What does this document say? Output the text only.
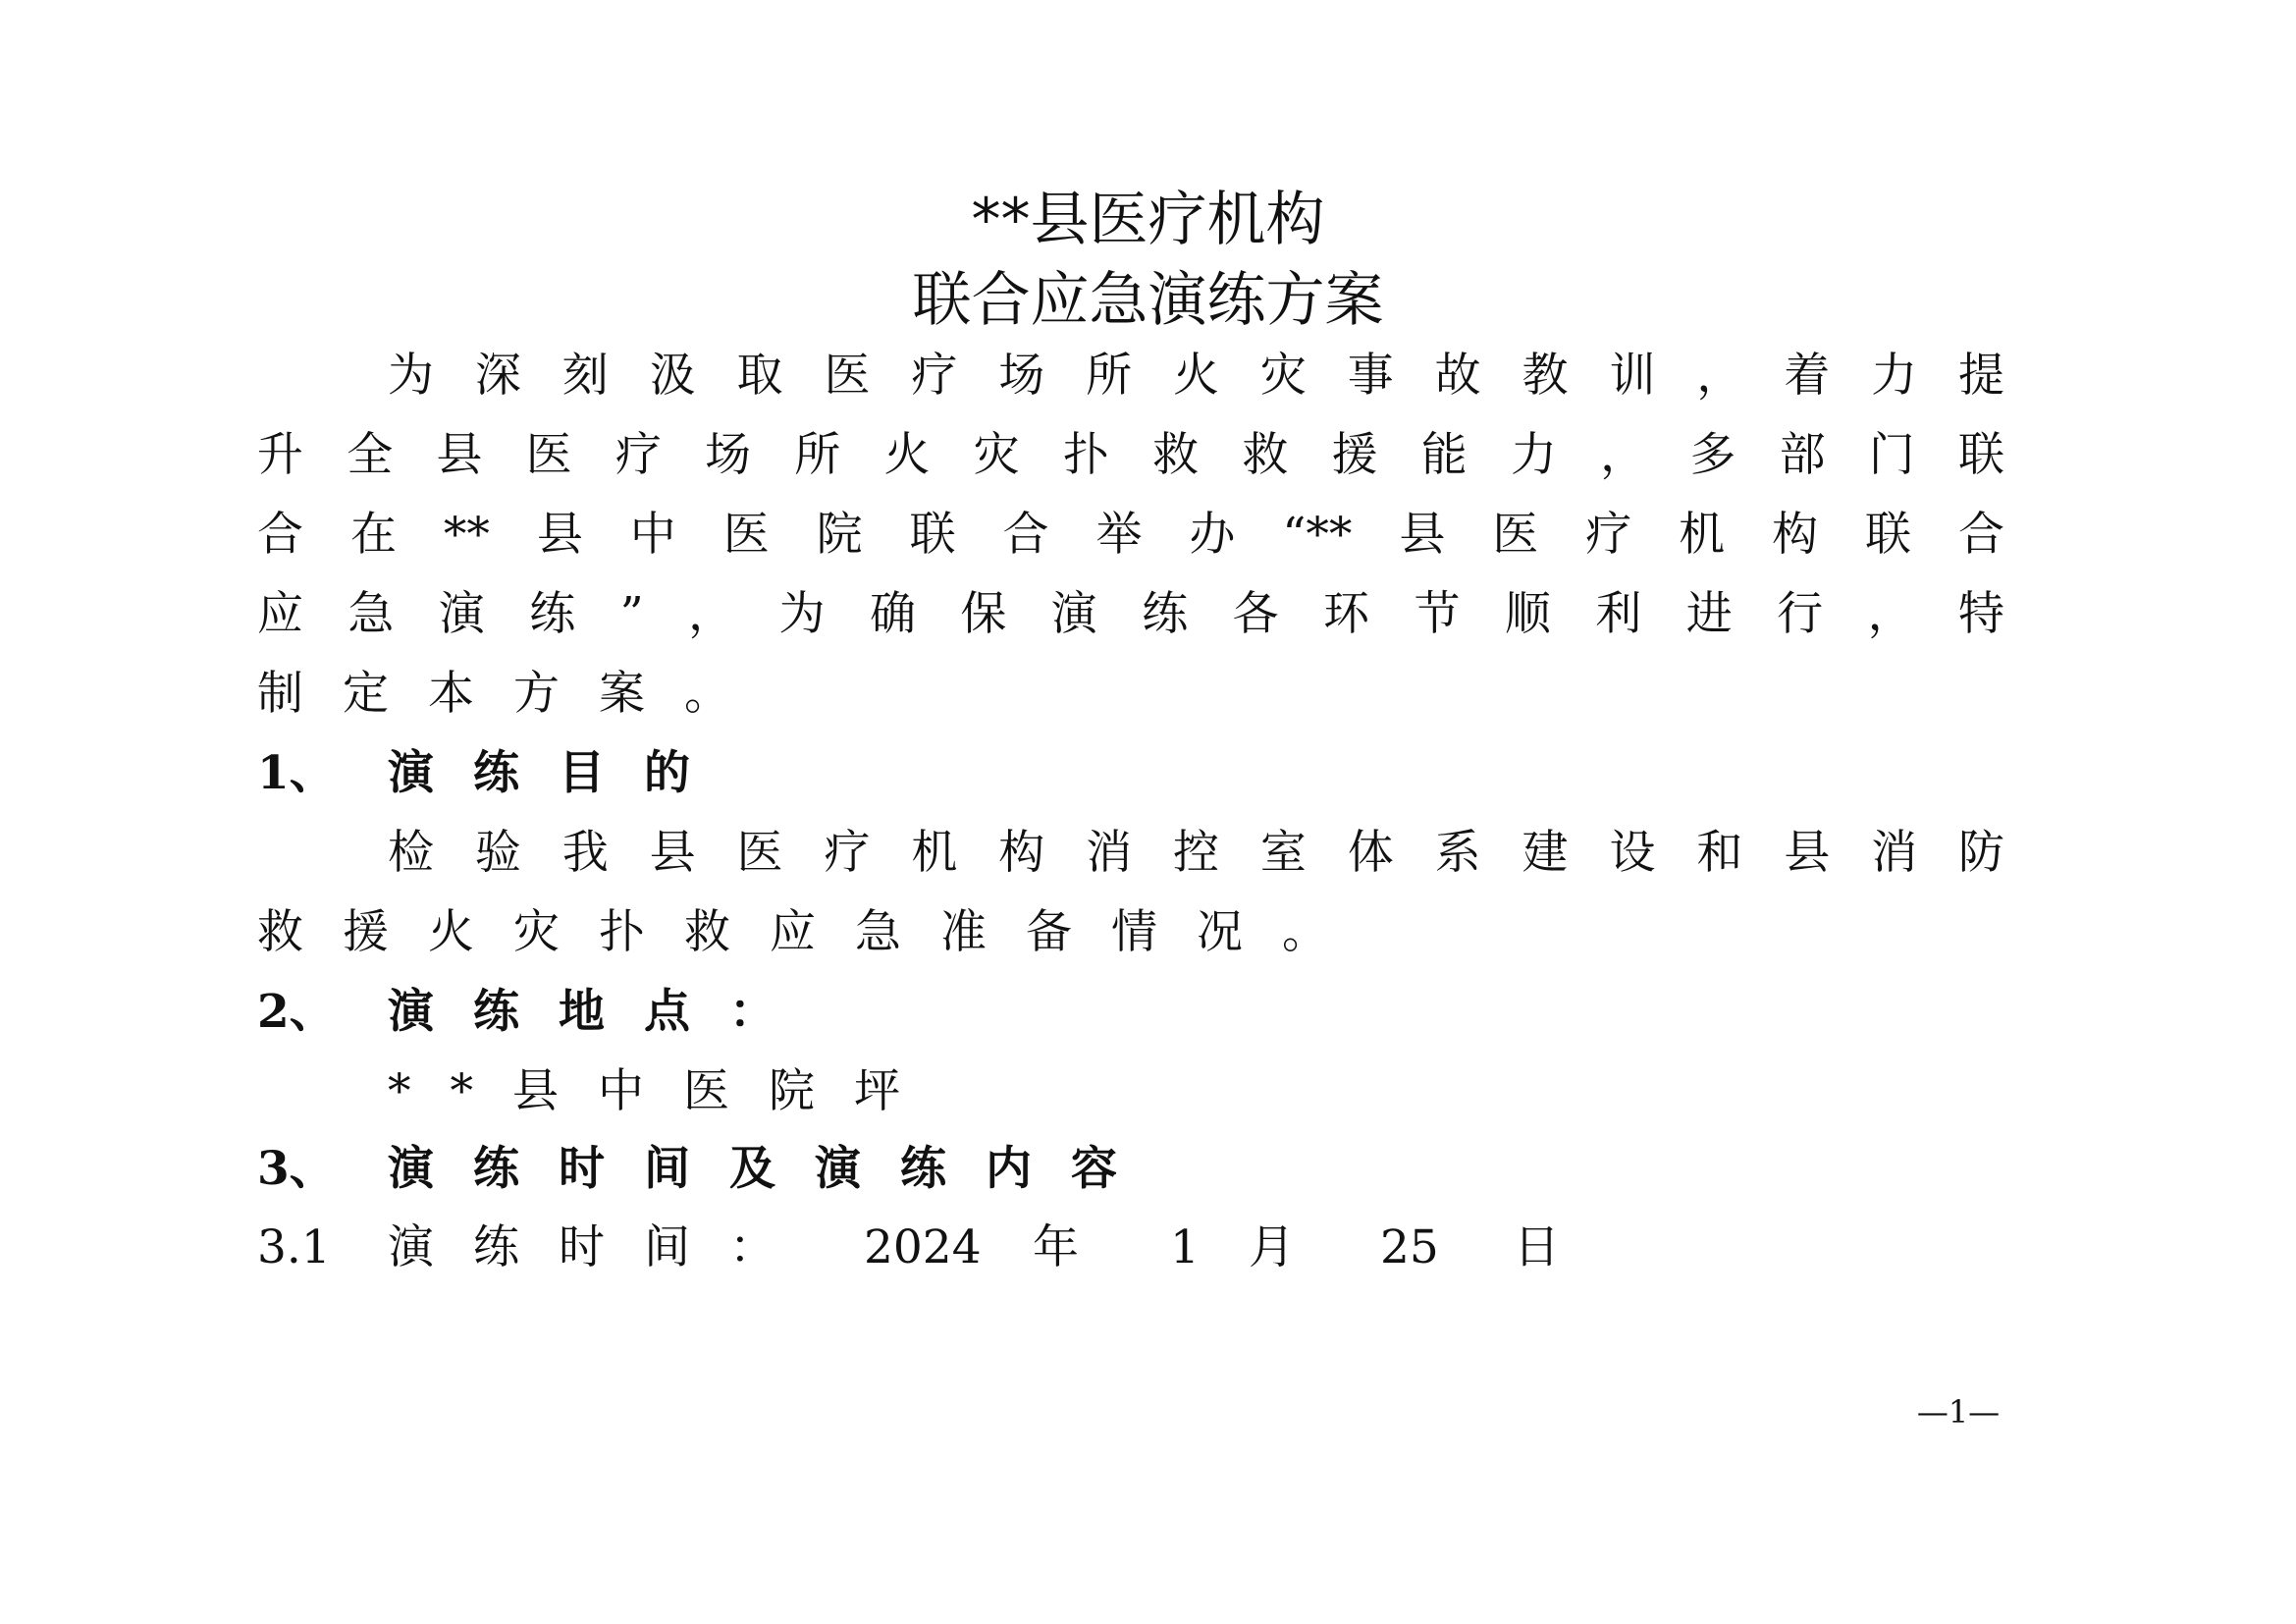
**县医疗机构
联合应急演练方案
为深刻汲取医疗场所火灾事故教训，着力提
升全县医疗场所火灾扑救救援能力，多部门联
合在**县中医院联合举办“**县医疗机构联合
应急演练”，为确保演练各环节顺利进行，特
制定本方案。
1、 演练目的
检验我县医疗机构消控室体系建设和县消防
救援火灾扑救应急准备情况。
2、 演练地点：
**县中医院坪
3、 演练时间及演练内容
3.1 演练时间： 2024 年 1 月 25 日
—1—
